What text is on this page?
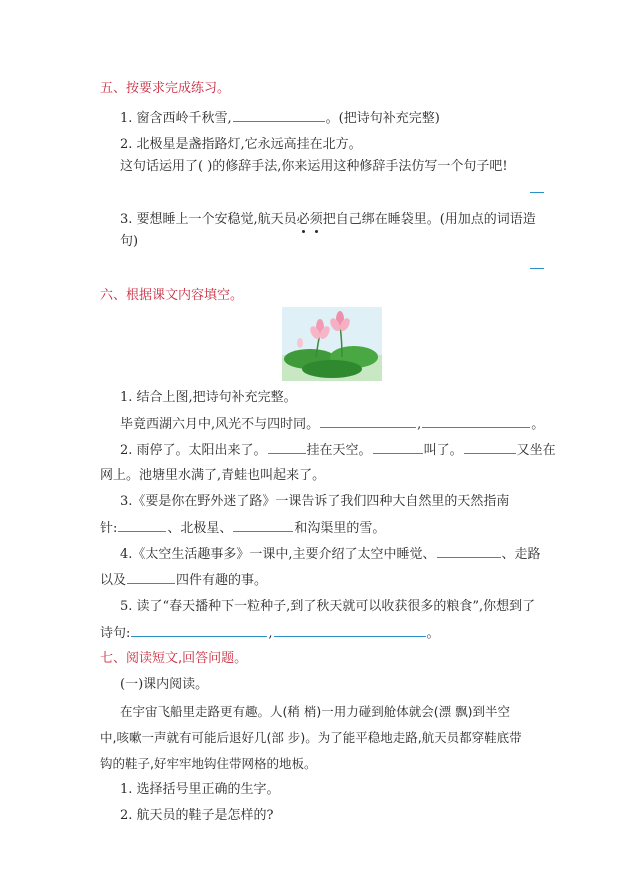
五、按要求完成练习。
1. 窗含西岭千秋雪,	。(把诗句补充完整)
2. 北极星是盏指路灯,它永远高挂在北方。
这句话运用了( )的修辞手法,你来运用这种修辞手法仿写一个句子吧!
3. 要想睡上一个安稳觉,航天员必须把自己绑在睡袋里。(用加点的词语造
句)
六、根据课文内容填空。
1. 结合上图,把诗句补充完整。
毕竟西湖六月中,风光不与四时同。	,	。
2. 雨停了。太阳出来了。	挂在天空。	叫了。	又坐在
网上。池塘里水满了,青蛙也叫起来了。
3.《要是你在野外迷了路》一课告诉了我们四种大自然里的天然指南
针:	、北极星、	和沟渠里的雪。
4.《太空生活趣事多》一课中,主要介绍了太空中睡觉、	、走路
以及	四件有趣的事。
5. 读了“春天播种下一粒种子,到了秋天就可以收获很多的粮食”,你想到了
诗句:	,	。
七、阅读短文,回答问题。
(一)课内阅读。
在宇宙飞船里走路更有趣。人(稍 梢)一用力碰到舱体就会(漂 飘)到半空
中,咳嗽一声就有可能后退好几(部 步)。为了能平稳地走路,航天员都穿鞋底带
钩的鞋子,好牢牢地钩住带网格的地板。
1. 选择括号里正确的生字。
2. 航天员的鞋子是怎样的?
